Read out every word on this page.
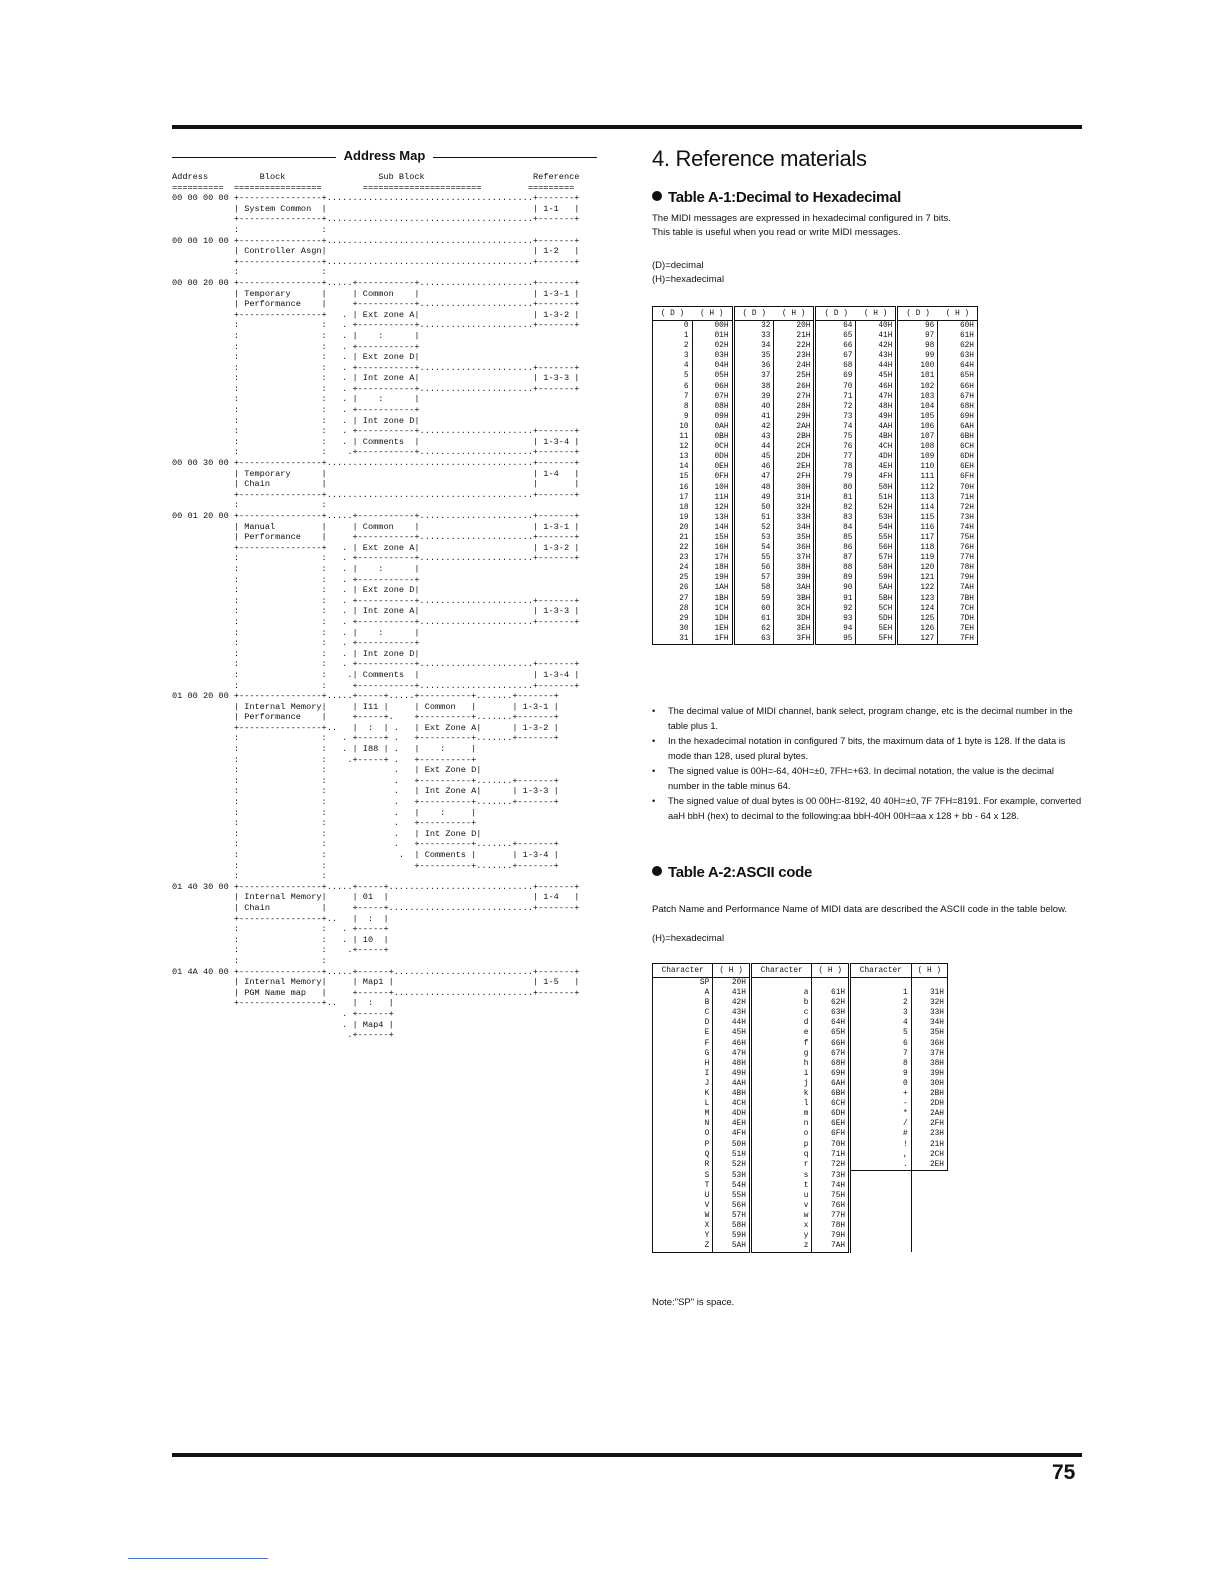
Address Map
Address          Block                  Sub Block                     Reference
==========  =================        =======================         =========
00 00 00 00 +----------------+........................................+-------+
| System Common  |                                        | 1-1   |
+----------------+........................................+-------+
:                :
00 00 10 00 +----------------+........................................+-------+
| Controller Asgn|                                        | 1-2   |
+----------------+........................................+-------+
:                :
00 00 20 00 +----------------+.....+-----------+......................+-------+
| Temporary      |     | Common    |                      | 1-3-1 |
| Performance    |     +-----------+......................+-------+
+----------------+   . | Ext zone A|                      | 1-3-2 |
:                :   . +-----------+......................+-------+
:                :   . |    :      |
:                :   . +-----------+
:                :   . | Ext zone D|
:                :   . +-----------+......................+-------+
:                :   . | Int zone A|                      | 1-3-3 |
:                :   . +-----------+......................+-------+
:                :   . |    :      |
:                :   . +-----------+
:                :   . | Int zone D|
:                :   . +-----------+......................+-------+
:                :   . | Comments  |                      | 1-3-4 |
:                :    .+-----------+......................+-------+
00 00 30 00 +----------------+........................................+-------+
| Temporary      |                                        | 1-4   |
| Chain          |                                        |       |
+----------------+........................................+-------+
:                :
00 01 20 00 +----------------+.....+-----------+......................+-------+
| Manual         |     | Common    |                      | 1-3-1 |
| Performance    |     +-----------+......................+-------+
+----------------+   . | Ext zone A|                      | 1-3-2 |
:                :   . +-----------+......................+-------+
:                :   . |    :      |
:                :   . +-----------+
:                :   . | Ext zone D|
:                :   . +-----------+......................+-------+
:                :   . | Int zone A|                      | 1-3-3 |
:                :   . +-----------+......................+-------+
:                :   . |    :      |
:                :   . +-----------+
:                :   . | Int zone D|
:                :   . +-----------+......................+-------+
:                :    .| Comments  |                      | 1-3-4 |
:                :     +-----------+......................+-------+
01 00 20 00 +----------------+.....+-----+.....+----------+.......+-------+
| Internal Memory|     | I11 |     | Common   |       | 1-3-1 |
| Performance    |     +-----+.    +----------+.......+-------+
+----------------+..   |  :  | .   | Ext Zone A|      | 1-3-2 |
:                :   . +-----+ .   +----------+.......+-------+
:                :   . | I88 | .   |    :     |
:                :    .+-----+ .   +----------+
:                :             .   | Ext Zone D|
:                :             .   +----------+.......+-------+
:                :             .   | Int Zone A|      | 1-3-3 |
:                :             .   +----------+.......+-------+
:                :             .   |    :     |
:                :             .   +----------+
:                :             .   | Int Zone D|
:                :             .   +----------+.......+-------+
:                :              .  | Comments |       | 1-3-4 |
:                :                 +----------+.......+-------+
:                :
01 40 30 00 +----------------+.....+-----+............................+-------+
| Internal Memory|     | 01  |                            | 1-4   |
| Chain          |     +-----+............................+-------+
+----------------+..   |  :  |
:                :   . +-----+
:                :   . | 10  |
:                :    .+-----+
:                :
01 4A 40 00 +----------------+.....+------+...........................+-------+
| Internal Memory|     | Map1 |                           | 1-5   |
| PGM Name map   |     +------+...........................+-------+
+----------------+..   |  :   |
. +------+
. | Map4 |
.+------+
4. Reference materials
Table A-1:Decimal to Hexadecimal
The MIDI messages are expressed in hexadecimal configured in 7 bits.
This table is useful when you read or write MIDI messages.
(D)=decimal
(H)=hexadecimal
( D )	( H )	( D )	( H )	( D )	( H )	( D )	( H )
0	00H	32	20H	64	40H	96	60H
1	01H	33	21H	65	41H	97	61H
2	02H	34	22H	66	42H	98	62H
3	03H	35	23H	67	43H	99	63H
4	04H	36	24H	68	44H	100	64H
5	05H	37	25H	69	45H	101	65H
6	06H	38	26H	70	46H	102	66H
7	07H	39	27H	71	47H	103	67H
8	08H	40	28H	72	48H	104	68H
9	09H	41	29H	73	49H	105	69H
10	0AH	42	2AH	74	4AH	106	6AH
11	0BH	43	2BH	75	4BH	107	6BH
12	0CH	44	2CH	76	4CH	108	6CH
13	0DH	45	2DH	77	4DH	109	6DH
14	0EH	46	2EH	78	4EH	110	6EH
15	0FH	47	2FH	79	4FH	111	6FH
16	10H	48	30H	80	50H	112	70H
17	11H	49	31H	81	51H	113	71H
18	12H	50	32H	82	52H	114	72H
19	13H	51	33H	83	53H	115	73H
20	14H	52	34H	84	54H	116	74H
21	15H	53	35H	85	55H	117	75H
22	16H	54	36H	86	56H	118	76H
23	17H	55	37H	87	57H	119	77H
24	18H	56	38H	88	58H	120	78H
25	19H	57	39H	89	59H	121	79H
26	1AH	58	3AH	90	5AH	122	7AH
27	1BH	59	3BH	91	5BH	123	7BH
28	1CH	60	3CH	92	5CH	124	7CH
29	1DH	61	3DH	93	5DH	125	7DH
30	1EH	62	3EH	94	5EH	126	7EH
31	1FH	63	3FH	95	5FH	127	7FH
• The decimal value of MIDI channel, bank select, program change, etc is the decimal number in the table plus 1.
• In the hexadecimal notation in configured 7 bits, the maximum data of 1 byte is 128. If the data is mode than 128, used plural bytes.
• The signed value is 00H=-64, 40H=±0, 7FH=+63. In decimal notation, the value is the decimal number in the table minus 64.
• The signed value of dual bytes is 00 00H=-8192, 40 40H=±0, 7F 7FH=8191. For example, converted aaH bbH (hex) to decimal to the following:aa bbH-40H 00H=aa x 128 + bb - 64 x 128.
Table A-2:ASCII code
Patch Name and Performance Name of MIDI data are described the ASCII code in the table below.
(H)=hexadecimal
Character	( H )	Character	( H )	Character	( H )
SP	20H				
A	41H	a	61H	1	31H
B	42H	b	62H	2	32H
C	43H	c	63H	3	33H
D	44H	d	64H	4	34H
E	45H	e	65H	5	35H
F	46H	f	66H	6	36H
G	47H	g	67H	7	37H
H	48H	h	68H	8	38H
I	49H	i	69H	9	39H
J	4AH	j	6AH	0	30H
K	4BH	k	6BH	+	2BH
L	4CH	l	6CH	-	2DH
M	4DH	m	6DH	*	2AH
N	4EH	n	6EH	/	2FH
O	4FH	o	6FH	#	23H
P	50H	p	70H	!	21H
Q	51H	q	71H	,	2CH
R	52H	r	72H	.	2EH
S	53H	s	73H		
T	54H	t	74H		
U	55H	u	75H		
V	56H	v	76H		
W	57H	w	77H		
X	58H	x	78H		
Y	59H	y	79H		
Z	5AH	z	7AH		
Note:"SP" is space.
75
